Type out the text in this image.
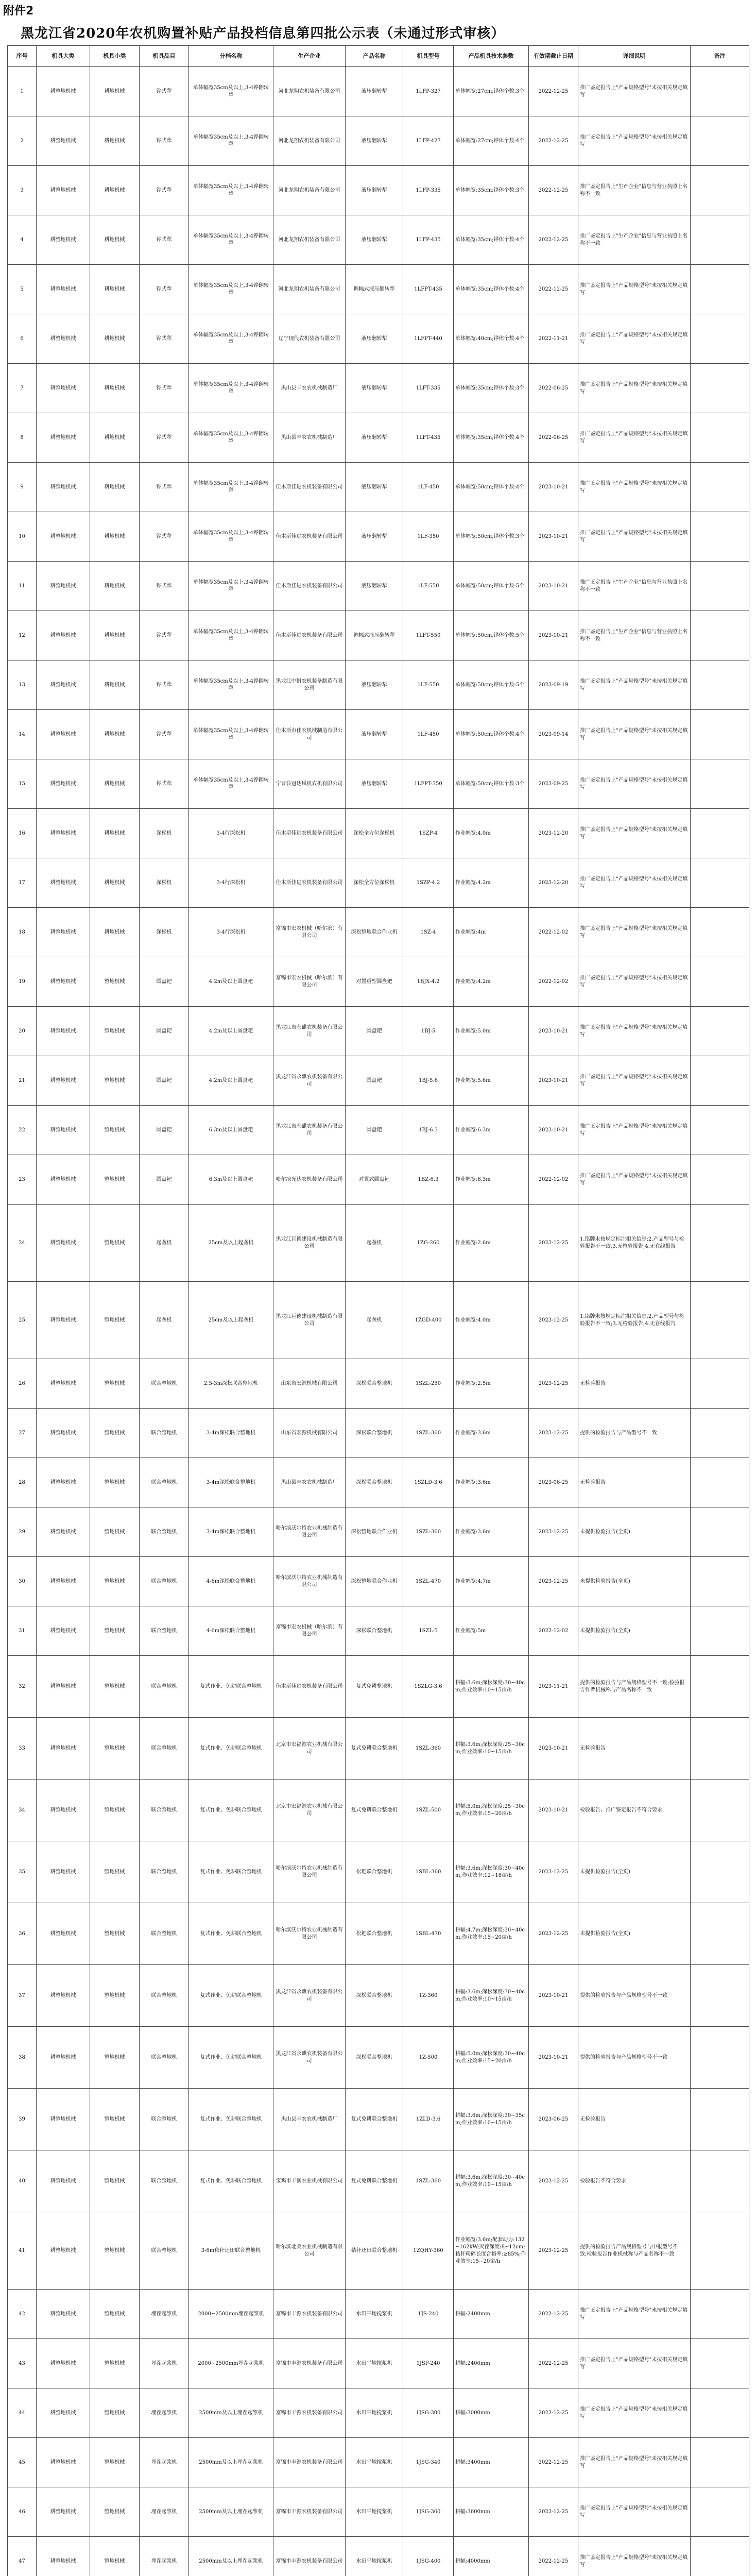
附件2
黑龙江省2020年农机购置补贴产品投档信息第四批公示表（未通过形式审核）
序号	机具大类	机具小类	机具品目	分档名称	生产企业	产品名称	机具型号	产品机具技术参数	有效期截止日期	详细说明	备注
1	耕整地机械	耕地机械	铧式犁	单体幅宽35cm及以上,3-4铧翻转犁	河北龙翔农机装备有限公司	液压翻转犁	1LFP-327	单体幅宽:27cm;铧体个数:3个	2022-12-25	推广鉴定报告上"产品规格型号"未按相关规定填写	
2	耕整地机械	耕地机械	铧式犁	单体幅宽35cm及以上,3-4铧翻转犁	河北龙翔农机装备有限公司	液压翻转犁	1LFP-427	单体幅宽:27cm;铧体个数:4个	2022-12-25	推广鉴定报告上"产品规格型号"未按相关规定填写	
3	耕整地机械	耕地机械	铧式犁	单体幅宽35cm及以上,3-4铧翻转犁	河北龙翔农机装备有限公司	液压翻转犁	1LFP-335	单体幅宽:35cm;铧体个数:3个	2022-12-25	推广鉴定报告上"生产企业"信息与营业执照上名称不一致	
4	耕整地机械	耕地机械	铧式犁	单体幅宽35cm及以上,3-4铧翻转犁	河北龙翔农机装备有限公司	液压翻转犁	1LFP-435	单体幅宽:35cm;铧体个数:4个	2022-12-25	推广鉴定报告上"生产企业"信息与营业执照上名称不一致	
5	耕整地机械	耕地机械	铧式犁	单体幅宽35cm及以上,3-4铧翻转犁	河北龙翔农机装备有限公司	调幅式液压翻转犁	1LFPT-435	单体幅宽:35cm;铧体个数:4个	2022-12-25	推广鉴定报告上"产品规格型号"未按相关规定填写	
6	耕整地机械	耕地机械	铧式犁	单体幅宽35cm及以上,3-4铧翻转犁	辽宁现代农机装备有限公司	液压翻转犁	1LFPT-440	单体幅宽:40cm;铧体个数:4个	2022-11-21	推广鉴定报告上"产品规格型号"未按相关规定填写	
7	耕整地机械	耕地机械	铧式犁	单体幅宽35cm及以上,3-4铧翻转犁	黑山县丰农农机械制造厂	液压翻转犁	1LFT-335	单体幅宽:35cm;铧体个数:3个	2022-06-25	推广鉴定报告上"产品规格型号"未按相关规定填写	
8	耕整地机械	耕地机械	铧式犁	单体幅宽35cm及以上,3-4铧翻转犁	黑山县丰农农机械制造厂	液压翻转犁	1LFT-435	单体幅宽:35cm;铧体个数:4个	2022-06-25	推广鉴定报告上"产品规格型号"未按相关规定填写	
9	耕整地机械	耕地机械	铧式犁	单体幅宽35cm及以上,3-4铧翻转犁	佳木斯佳进农机装备有限公司	液压翻转犁	1LF-450	单体幅宽:50cm;铧体个数:4个	2023-10-21	推广鉴定报告上"产品规格型号"未按相关规定填写	
10	耕整地机械	耕地机械	铧式犁	单体幅宽35cm及以上,3-4铧翻转犁	佳木斯佳进农机装备有限公司	液压翻转犁	1LF-350	单体幅宽:50cm;铧体个数:3个	2023-10-21	推广鉴定报告上"产品规格型号"未按相关规定填写	
11	耕整地机械	耕地机械	铧式犁	单体幅宽35cm及以上,3-4铧翻转犁	佳木斯佳进农机装备有限公司	液压翻转犁	1LF-550	单体幅宽:50cm;铧体个数:5个	2023-10-21	推广鉴定报告上"生产企业"信息与营业执照上名称不一致	
12	耕整地机械	耕地机械	铧式犁	单体幅宽35cm及以上,3-4铧翻转犁	佳木斯佳进农机装备有限公司	调幅式液压翻转犁	1LFT-550	单体幅宽:50cm;铧体个数:5个	2023-10-21	推广鉴定报告上"生产企业"信息与营业执照上名称不一致	
13	耕整地机械	耕地机械	铧式犁	单体幅宽35cm及以上,3-4铧翻转犁	黑龙江中帆农机装备制造有限公司	液压翻转犁	1LF-550	单体幅宽:50cm;铧体个数:5个	2023-09-19	推广鉴定报告上"产品规格型号"未按相关规定填写	
14	耕整地机械	耕地机械	铧式犁	单体幅宽35cm及以上,3-4铧翻转犁	佳木斯市佳农机械制造有限公司	液压翻转犁	1LF-450	单体幅宽:50cm;铧体个数:4个	2023-09-14	推广鉴定报告上"产品规格型号"未按相关规定填写	
15	耕整地机械	耕地机械	铧式犁	单体幅宽35cm及以上,3-4铧翻转犁	宁晋县冠达风机农机有限公司	液压翻转犁	1LFPT-350	单体幅宽:50cm;铧体个数:3个	2023-09-25	推广鉴定报告上"产品规格型号"未按相关规定填写	
16	耕整地机械	耕地机械	深松机	3-4行深松机	佳木斯佳进农机装备有限公司	深松全方位深松机	1SZP-4	作业幅宽:4.0m	2023-12-20	推广鉴定报告上"产品规格型号"未按相关规定填写	
17	耕整地机械	耕地机械	深松机	3-4行深松机	佳木斯佳进农机装备有限公司	深松全方位深松机	1SZP-4.2	作业幅宽:4.2m	2023-12-20	推广鉴定报告上"产品规格型号"未按相关规定填写	
18	耕整地机械	耕地机械	深松机	3-4行深松机	富锦市宏农机械（哈尔滨）有限公司	深松整地联合作业机	1SZ-4	作业幅宽:4m	2022-12-02	推广鉴定报告上"产品规格型号"未按相关规定填写	
19	耕整地机械	整地机械	圆盘耙	4.2m及以上圆盘耙	富锦市宏农机械（哈尔滨）有限公司	对置重型圆盘耙	1BJX-4.2	作业幅宽:4.2m	2022-12-02	推广鉴定报告上"产品规格型号"未按相关规定填写	
20	耕整地机械	整地机械	圆盘耙	4.2m及以上圆盘耙	黑龙江省永麒农机装备有限公司	圆盘耙	1BJ-5	作业幅宽:5.0m	2023-10-21	推广鉴定报告上"产品规格型号"未按相关规定填写	
21	耕整地机械	整地机械	圆盘耙	4.2m及以上圆盘耙	黑龙江省永麒农机装备有限公司	圆盘耙	1BJ-5.6	作业幅宽:5.6m	2023-10-21	推广鉴定报告上"产品规格型号"未按相关规定填写	
22	耕整地机械	整地机械	圆盘耙	6.3m及以上圆盘耙	黑龙江省永麒农机装备有限公司	圆盘耙	1BJ-6.3	作业幅宽:6.3m	2023-10-21	推广鉴定报告上"产品规格型号"未按相关规定填写	
23	耕整地机械	整地机械	圆盘耙	6.3m及以上圆盘耙	哈尔滨光达农机装备有限公司	对置式圆盘耙	1BZ-6.3	作业幅宽:6.3m	2022-12-02	推广鉴定报告上"产品规格型号"未按相关规定填写	
24	耕整地机械	整地机械	起垄机	25cm及以上起垄机	黑龙江巨德建设机械制造有限公司	起垄机	1ZG-260	作业幅宽:2.6m	2023-12-25	1.铭牌未按规定标注相关信息;2.产品型号与检验报告不一致;3.无检验报告;4.无在线报告	
25	耕整地机械	整地机械	起垄机	25cm及以上起垄机	黑龙江巨德建设机械制造有限公司	起垄机	1ZGD-400	作业幅宽:4.0m	2023-12-25	1.铭牌未按规定标注相关信息;2.产品型号与检验报告不一致;3.无检验报告;4.无在线报告	
26	耕整地机械	整地机械	联合整地机	2.5-3m深松联合整地机	山东省宏源机械有限公司	深松联合整地机	1SZL-250	作业幅宽:2.5m	2023-12-25	无检验报告	
27	耕整地机械	整地机械	联合整地机	3-4m深松联合整地机	山东省宏源机械有限公司	深松联合整地机	1SZL-360	作业幅宽:3.6m	2023-12-25	提供的检验报告与产品型号不一致	
28	耕整地机械	整地机械	联合整地机	3-4m深松联合整地机	黑山县丰农农机械制造厂	深松联合整地机	1SZLD-3.6	作业幅宽:3.6m	2023-06-25	无检验报告	
29	耕整地机械	整地机械	联合整地机	3-4m深松联合整地机	哈尔滨沃尔特农业机械制造有限公司	深松整地联合作业机	1SZL-360	作业幅宽:3.6m	2023-12-25	未提供检验报告(全页)	
30	耕整地机械	整地机械	联合整地机	4-6m深松联合整地机	哈尔滨沃尔特农业机械制造有限公司	深松整地联合作业机	1SZL-470	作业幅宽:4.7m	2023-12-25	未提供检验报告(全页)	
31	耕整地机械	整地机械	联合整地机	4-6m深松联合整地机	富锦市宏农机械（哈尔滨）有限公司	深松联合整地机	1SZL-5	作业幅宽:5m	2022-12-02	未提供检验报告(全页)	
32	耕整地机械	整地机械	联合整地机	复式作业、免耕联合整地机	佳木斯佳进农机装备有限公司	复式免耕整地机	1SZLG-3.6	耕幅:3.6m;深松深度:30~40cm;作业效率:10~15亩/h	2023-11-21	提供的检验报告与产品规格型号不一致;检验报告作者机械称与产品名称不一致	
33	耕整地机械	整地机械	联合整地机	复式作业、免耕联合整地机	北京市宏福源农业机械有限公司	复式免耕联合整地机	1SZL-360	耕幅:3.6m;深松深度:25~30cm;作业效率:10~15亩/h	2023-10-21	无检验报告	
34	耕整地机械	整地机械	联合整地机	复式作业、免耕联合整地机	北京市宏福源农业机械有限公司	复式免耕联合整地机	1SZL-500	耕幅:5.0m;深松深度:25~30cm;作业效率:15~20亩/h	2023-10-21	检验报告、推广鉴定报告不符合要求	
35	耕整地机械	整地机械	联合整地机	复式作业、免耕联合整地机	哈尔滨沃尔特农业机械制造有限公司	松耙联合整地机	1SBL-360	耕幅:3.6m;深松深度:30~40cm;作业效率:12~18亩/h	2023-12-25	未提供检验报告(全页)	
36	耕整地机械	整地机械	联合整地机	复式作业、免耕联合整地机	哈尔滨沃尔特农业机械制造有限公司	松耙联合整地机	1SBL-470	耕幅:4.7m;深松深度:30~40cm;作业效率:15~20亩/h	2023-12-25	未提供检验报告(全页)	
37	耕整地机械	整地机械	联合整地机	复式作业、免耕联合整地机	黑龙江省永麒农机装备有限公司	深松联合整地机	1Z-360	耕幅:3.6m;深松深度:30~40cm;作业效率:10~15亩/h	2023-10-21	提供的检验报告与产品规格型号不一致	
38	耕整地机械	整地机械	联合整地机	复式作业、免耕联合整地机	黑龙江省永麒农机装备有限公司	深松联合整地机	1Z-500	耕幅:5.0m;深松深度:30~40cm;作业效率:15~20亩/h	2023-10-21	提供的检验报告与产品规格型号不一致	
39	耕整地机械	整地机械	联合整地机	复式作业、免耕联合整地机	黑山县丰农农机械制造厂	复式免耕联合整地机	1ZLD-3.6	耕幅:3.6m;深松深度:30~35cm;作业效率:10~15亩/h	2023-06-25	无检验报告	
40	耕整地机械	整地机械	联合整地机	复式作业、免耕联合整地机	宝鸡市丰润农业机械有限公司	复式免耕联合整地机	1SZL-360	耕幅:3.6m;深松深度:30~40cm;作业效率:10~15亩/h	2023-12-25	检验报告不符合要求	
41	耕整地机械	整地机械	联合整地机	3-6m秸秆还田联合整地机	哈尔滨北美农业机械制造有限公司	秸秆还田联合整地机	1ZQHY-360	作业幅宽:3.6m;配套动力:132~162kW;灭茬深度:8~12cm;秸秆粉碎长度合格率:≥85%;作业效率:15~20亩/h	2023-12-25	提供的检验报告产品规格型号与申报型号不一致;检验报告作业机械称与产品名称不一致	
42	耕整地机械	整地机械	埋茬起浆机	2000~2500mm埋茬起浆机	富锦市丰源农机装备有限公司	水田平地搅浆机	1JS-240	耕幅:2400mm	2022-12-25	推广鉴定报告上"产品规格型号"未按相关规定填写	
43	耕整地机械	整地机械	埋茬起浆机	2000~2500mm埋茬起浆机	富锦市丰源农机装备有限公司	水田平地搅浆机	1JSP-240	耕幅:2400mm	2022-12-25	推广鉴定报告上"产品规格型号"未按相关规定填写	
44	耕整地机械	整地机械	埋茬起浆机	2500mm及以上埋茬起浆机	富锦市丰源农机装备有限公司	水田平地搅浆机	1JSG-300	耕幅:3000mm	2022-12-25	推广鉴定报告上"产品规格型号"未按相关规定填写	
45	耕整地机械	整地机械	埋茬起浆机	2500mm及以上埋茬起浆机	富锦市丰源农机装备有限公司	水田平地搅浆机	1JSG-340	耕幅:3400mm	2022-12-25	推广鉴定报告上"产品规格型号"未按相关规定填写	
46	耕整地机械	整地机械	埋茬起浆机	2500mm及以上埋茬起浆机	富锦市丰源农机装备有限公司	水田平地搅浆机	1JSG-360	耕幅:3600mm	2022-12-25	推广鉴定报告上"产品规格型号"未按相关规定填写	
47	耕整地机械	整地机械	埋茬起浆机	2500mm及以上埋茬起浆机	富锦市丰源农机装备有限公司	水田平地搅浆机	1JSG-400	耕幅:4000mm	2022-12-25	推广鉴定报告上"产品规格型号"未按相关规定填写	
